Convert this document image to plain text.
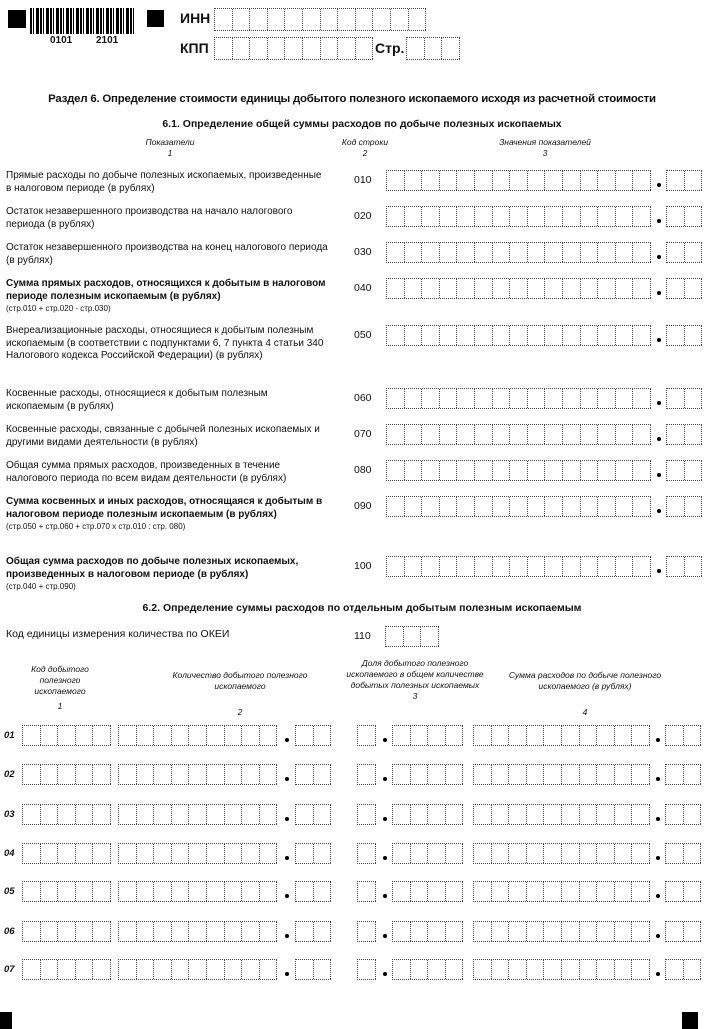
0101 2101
ИНН
КПП	Стр.
Раздел 6. Определение стоимости единицы добытого полезного ископаемого исходя из расчетной стоимости
6.1. Определение общей суммы расходов по добыче полезных ископаемых
Показатели
1
Код строки
2
Значения показателей
3
Прямые расходы по добыче полезных ископаемых, произведенные в налоговом периоде (в рублях)
010
Остаток незавершенного производства на начало налогового периода (в рублях)
020
Остаток незавершенного производства на конец налогового периода (в рублях)
030
Сумма прямых расходов, относящихся к добытым в налоговом периоде полезным ископаемым (в рублях)
(стр.010 + стр.020 - стр.030)
040
Внереализационные расходы, относящиеся к добытым полезным ископаемым (в соответствии с подпунктами 6, 7 пункта 4 статьи 340 Налогового кодекса Российской Федерации) (в рублях)
050
Косвенные расходы, относящиеся к добытым полезным ископаемым (в рублях)
060
Косвенные расходы, связанные с добычей полезных ископаемых и другими видами деятельности (в рублях)
070
Общая сумма прямых расходов, произведенных в течение налогового периода по всем видам деятельности (в рублях)
080
Сумма косвенных и иных расходов, относящаяся к добытым в налоговом периоде полезным ископаемым (в рублях)
(стр.050 + стр.060 + стр.070 х стр.010 : стр. 080)
090
Общая сумма расходов по добыче полезных ископаемых, произведенных в налоговом периоде (в рублях)
(стр.040 + стр.090)
100
6.2. Определение суммы расходов по отдельным добытым полезным ископаемым
Код единицы измерения количества по ОКЕИ	110
Код добытого полезного ископаемого
1
Количество добытого полезного ископаемого
2
Доля добытого полезного ископаемого в общем количестве добытых полезных ископаемых
3
Сумма расходов по добыче полезного ископаемого (в рублях)
4
01
02
03
04
05
06
07
